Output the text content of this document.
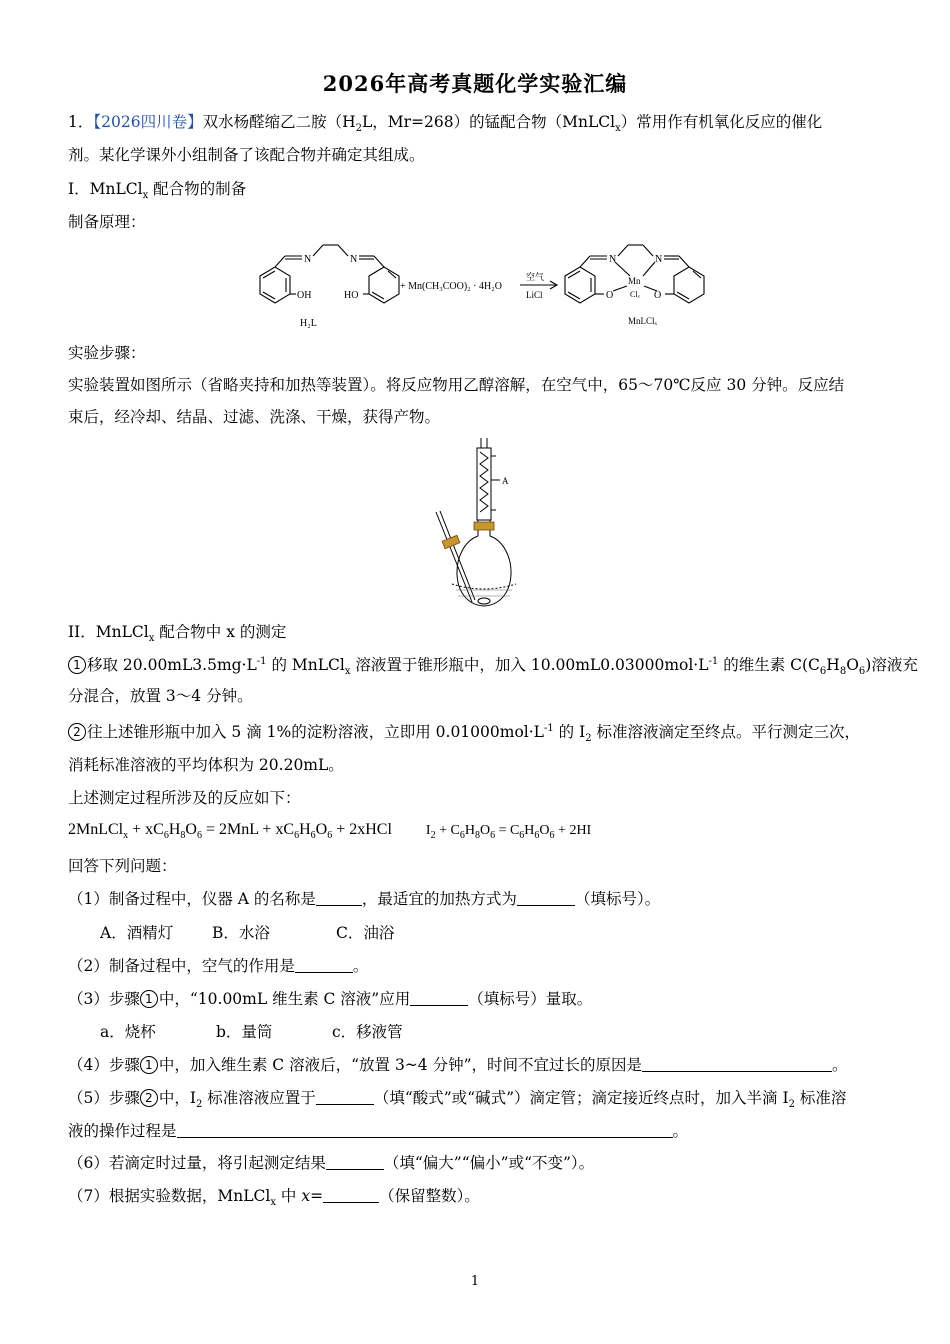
2026年高考真题化学实验汇编
1．【2026四川卷】双水杨醛缩乙二胺（$H_2L$，Mr=268）的锰配合物（MnLCl$_x$）常用作有机氧化反应的催化
剂。某化学课外小组制备了该配合物并确定其组成。
I．MnLCl$_x$ 配合物的制备
制备原理：
N	N
OH	HO
H₂L
+ Mn(CH₃COO)₂ · 4H₂O
空气
LiCl
N	N
Mn
Clₓ
O	O
MnLClₓ
实验步骤：
实验装置如图所示（省略夹持和加热等装置）。将反应物用乙醇溶解，在空气中，65～70℃反应 30 分钟。反应结
束后，经冷却、结晶、过滤、洗涤、干燥，获得产物。
A
II．MnLCl$_x$ 配合物中 x 的测定
1 移取 $20.00mL3.5mg\cdot L^{-1}$ 的 MnLCl$_x$ 溶液置于锥形瓶中，加入 $10.00mL0.03000mol\cdot L^{-1}$ 的维生素 $C(C_6H_8O_6)$溶液充
分混合，放置 3～4 分钟。
2 往上述锥形瓶中加入 5 滴 1%的淀粉溶液，立即用 $0.01000mol\cdot L^{-1}$ 的 $I_2$ 标准溶液滴定至终点。平行测定三次，
消耗标准溶液的平均体积为 20.20mL。
上述测定过程所涉及的反应如下：
2MnLCl$_x$ + $xC_6H_8O_6 = 2MnL + xC_6H_6O_6$ + 2xHCl $I_2 + C_6H_8O_6 = C_6H_6O_6 + 2HI$
回答下列问题：
（1）制备过程中，仪器 A 的名称是	，最适宜的加热方式为	（填标号）。
A．酒精灯	B．水浴	C．油浴
（2）制备过程中，空气的作用是	。
（3）步骤 1 中，“10.00mL 维生素 C 溶液”应用	（填标号）量取。
a．烧杯	b．量筒	c．移液管
（4）步骤 1 中，加入维生素 C 溶液后，“放置 3~4 分钟”，时间不宜过长的原因是	。
（5）步骤 2 中，$I_2$ 标准溶液应置于	（填“酸式”或“碱式”）滴定管；滴定接近终点时，加入半滴 $I_2$ 标准溶
液的操作过程是	。
（6）若滴定时过量，将引起测定结果	（填“偏大”“偏小”或“不变”）。
（7）根据实验数据，MnLCl$_x$ 中 x=	（保留整数）。
1
